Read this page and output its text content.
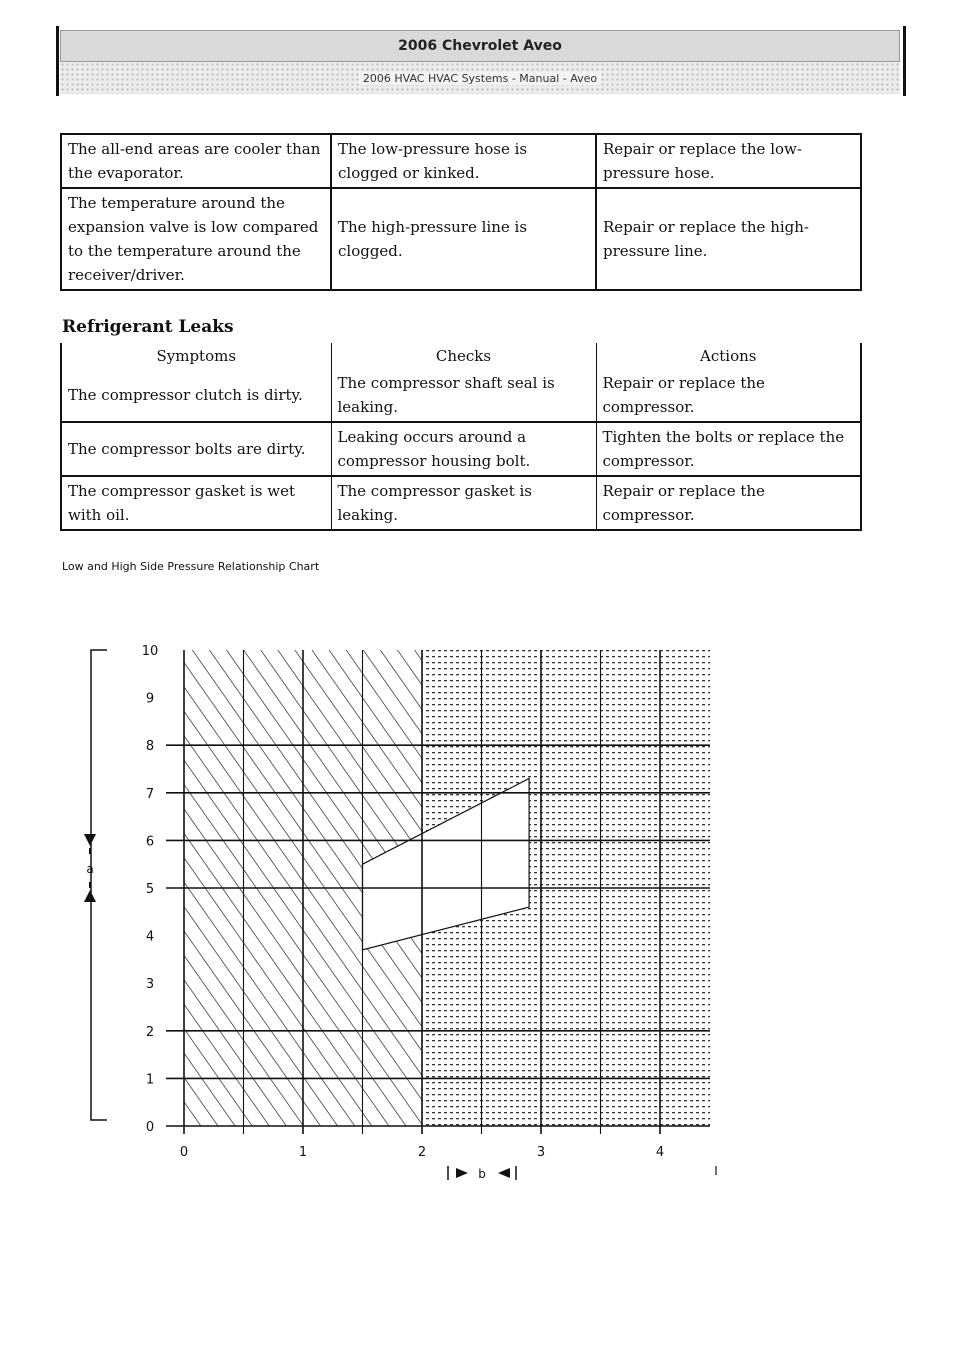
2006 Chevrolet Aveo
2006 HVAC HVAC Systems - Manual - Aveo
The all-end areas are cooler than the evaporator.	The low-pressure hose is clogged or kinked.	Repair or replace the low-pressure hose.
The temperature around the expansion valve is low compared to the temperature around the receiver/driver.	The high-pressure line is clogged.	Repair or replace the high-pressure line.
Refrigerant Leaks
Symptoms	Checks	Actions
The compressor clutch is dirty.	The compressor shaft seal is leaking.	Repair or replace the compressor.
The compressor bolts are dirty.	Leaking occurs around a compressor housing bolt.	Tighten the bolts or replace the compressor.
The compressor gasket is wet with oil.	The compressor gasket is leaking.	Repair or replace the compressor.

Low and High Side Pressure Relationship Chart

0
1
2
3
4
5
6
7
8
9
10
0	1	2	3	4
a
b	I
